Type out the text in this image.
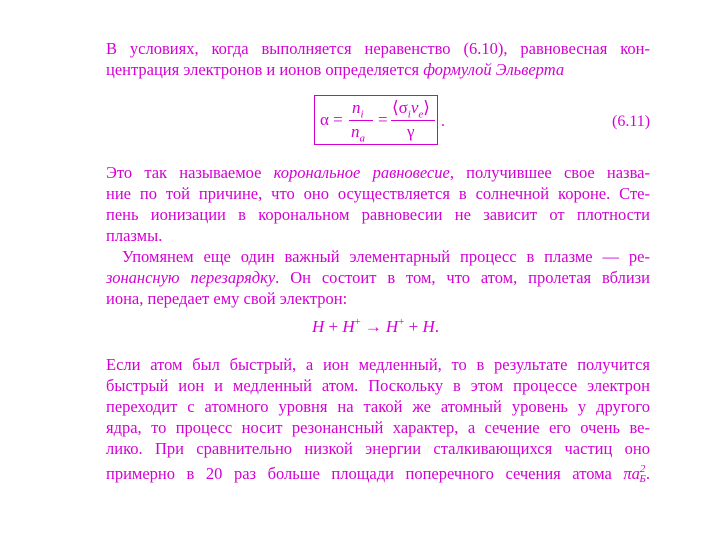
В условиях, когда выполняется неравенство (6.10), равновесная кон-
центрация электронов и ионов определяется формулой Эльверта
α =
$n_i$
$n_a$
=
$⟨\sigma_iv_e⟩$
γ
.	(6.11)
Это так называемое корональное равновесие, получившее свое назва-
ние по той причине, что оно осуществляется в солнечной короне. Сте-
пень ионизации в корональном равновесии не зависит от плотности
плазмы.
Упомянем еще один важный элементарный процесс в плазме — ре-
зонансную перезарядку. Он состоит в том, что атом, пролетая вблизи
иона, передает ему свой электрон:
H + H+ → H+ + H.
Если атом был быстрый, а ион медленный, то в результате получится
быстрый ион и медленный атом. Поскольку в этом процессе электрон
переходит с атомного уровня на такой же атомный уровень у другого
ядра, то процесс носит резонансный характер, а сечение его очень ве-
лико. При сравнительно низкой энергии сталкивающихся частиц оно
примерно в 20 раз больше площади поперечного сечения атома $\pi a^2_Б$.
